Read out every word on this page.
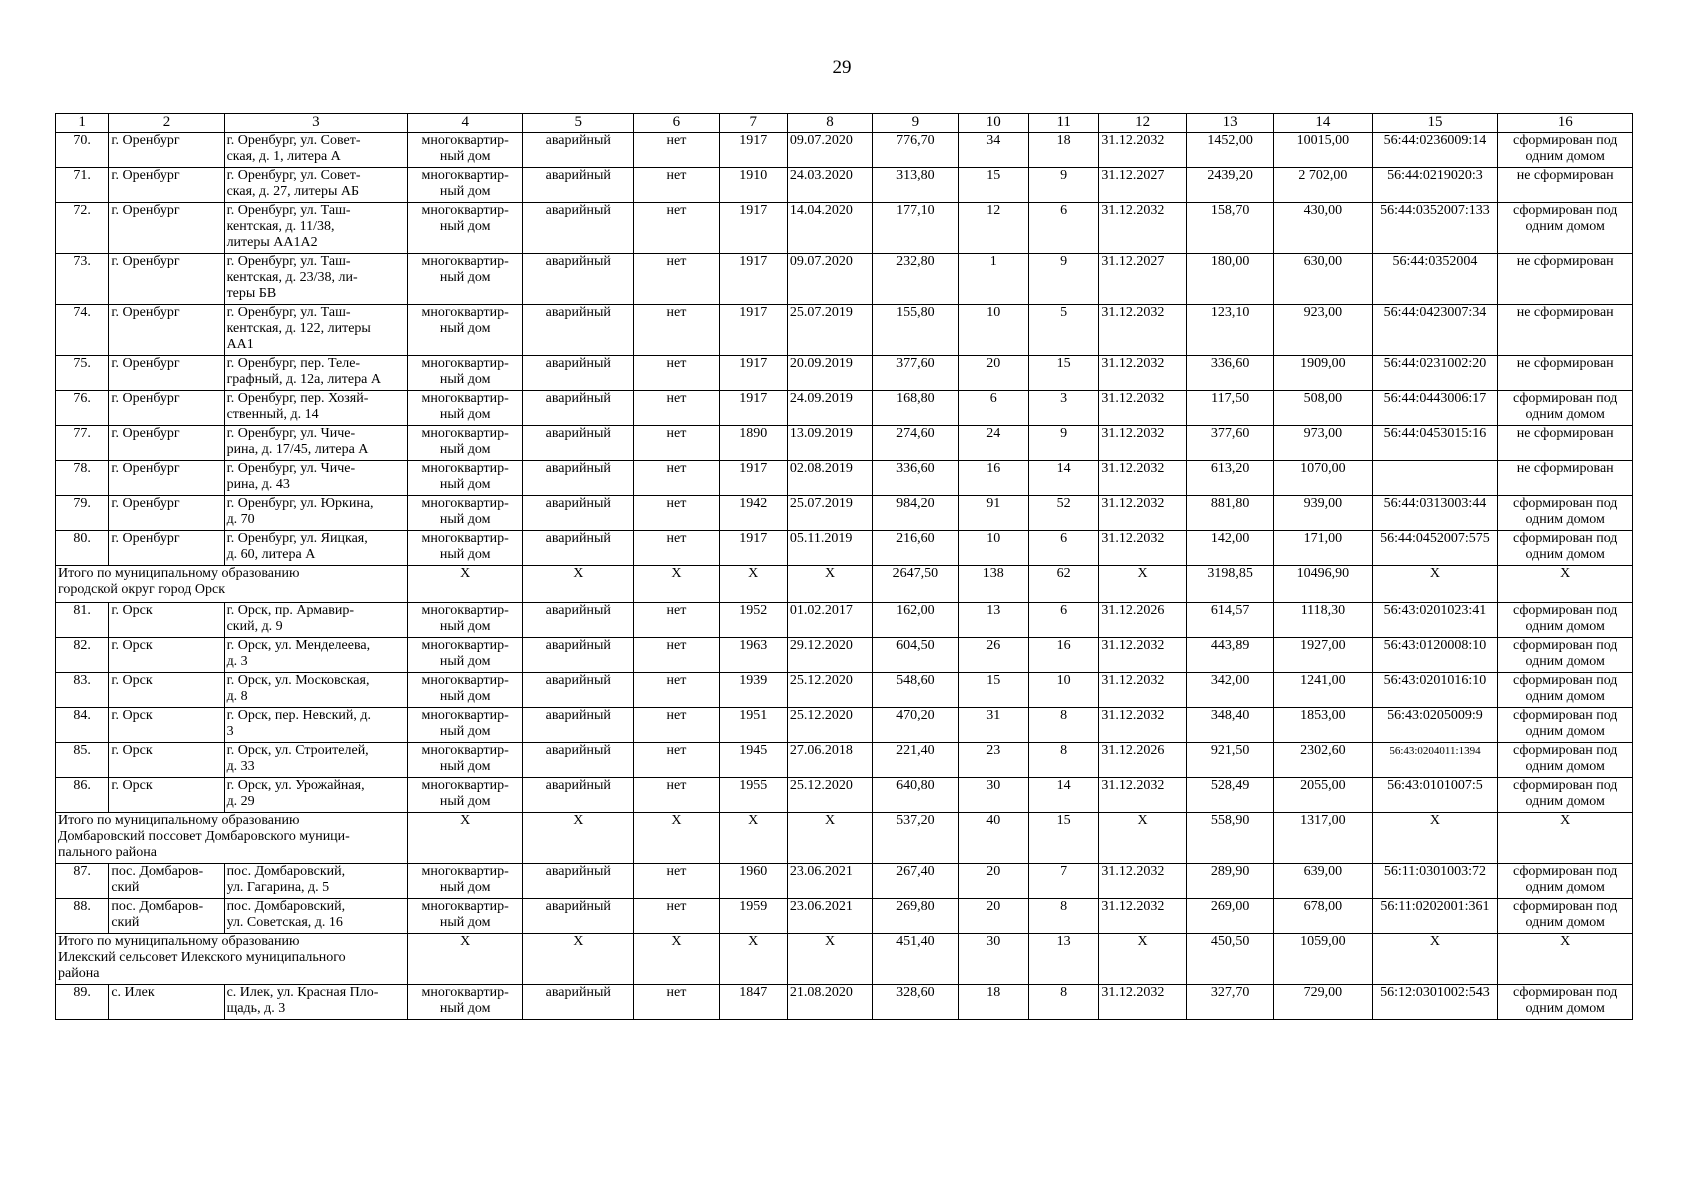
29
1	2	3	4	5	6	7	8	9	10	11	12	13	14	15	16
70.	г. Оренбург	г. Оренбург, ул. Совет-
ская, д. 1, литера А	многоквартир-
ный дом	аварийный	нет	1917	09.07.2020	776,70	34	18	31.12.2032	1452,00	10015,00	56:44:0236009:14	сформирован под
одним домом
71.	г. Оренбург	г. Оренбург, ул. Совет-
ская, д. 27, литеры АБ	многоквартир-
ный дом	аварийный	нет	1910	24.03.2020	313,80	15	9	31.12.2027	2439,20	2 702,00	56:44:0219020:3	не сформирован
72.	г. Оренбург	г. Оренбург, ул. Таш-
кентская, д. 11/38,
литеры АА1А2	многоквартир-
ный дом	аварийный	нет	1917	14.04.2020	177,10	12	6	31.12.2032	158,70	430,00	56:44:0352007:133	сформирован под
одним домом
73.	г. Оренбург	г. Оренбург, ул. Таш-
кентская, д. 23/38, ли-
теры БВ	многоквартир-
ный дом	аварийный	нет	1917	09.07.2020	232,80	1	9	31.12.2027	180,00	630,00	56:44:0352004	не сформирован
74.	г. Оренбург	г. Оренбург, ул. Таш-
кентская, д. 122, литеры
АА1	многоквартир-
ный дом	аварийный	нет	1917	25.07.2019	155,80	10	5	31.12.2032	123,10	923,00	56:44:0423007:34	не сформирован
75.	г. Оренбург	г. Оренбург, пер. Теле-
графный, д. 12а, литера А	многоквартир-
ный дом	аварийный	нет	1917	20.09.2019	377,60	20	15	31.12.2032	336,60	1909,00	56:44:0231002:20	не сформирован
76.	г. Оренбург	г. Оренбург, пер. Хозяй-
ственный, д. 14	многоквартир-
ный дом	аварийный	нет	1917	24.09.2019	168,80	6	3	31.12.2032	117,50	508,00	56:44:0443006:17	сформирован под
одним домом
77.	г. Оренбург	г. Оренбург, ул. Чиче-
рина, д. 17/45, литера А	многоквартир-
ный дом	аварийный	нет	1890	13.09.2019	274,60	24	9	31.12.2032	377,60	973,00	56:44:0453015:16	не сформирован
78.	г. Оренбург	г. Оренбург, ул. Чиче-
рина, д. 43	многоквартир-
ный дом	аварийный	нет	1917	02.08.2019	336,60	16	14	31.12.2032	613,20	1070,00		не сформирован
79.	г. Оренбург	г. Оренбург, ул. Юркина,
д. 70	многоквартир-
ный дом	аварийный	нет	1942	25.07.2019	984,20	91	52	31.12.2032	881,80	939,00	56:44:0313003:44	сформирован под
одним домом
80.	г. Оренбург	г. Оренбург, ул. Яицкая,
д. 60, литера А	многоквартир-
ный дом	аварийный	нет	1917	05.11.2019	216,60	10	6	31.12.2032	142,00	171,00	56:44:0452007:575	сформирован под
одним домом
Итого по муниципальному образованию
городской округ город Орск			X	X	X	X	X	2647,50	138	62	X	3198,85	10496,90	X	X
81.	г. Орск	г. Орск, пр. Армавир-
ский, д. 9	многоквартир-
ный дом	аварийный	нет	1952	01.02.2017	162,00	13	6	31.12.2026	614,57	1118,30	56:43:0201023:41	сформирован под
одним домом
82.	г. Орск	г. Орск, ул. Менделеева,
д. 3	многоквартир-
ный дом	аварийный	нет	1963	29.12.2020	604,50	26	16	31.12.2032	443,89	1927,00	56:43:0120008:10	сформирован под
одним домом
83.	г. Орск	г. Орск, ул. Московская,
д. 8	многоквартир-
ный дом	аварийный	нет	1939	25.12.2020	548,60	15	10	31.12.2032	342,00	1241,00	56:43:0201016:10	сформирован под
одним домом
84.	г. Орск	г. Орск, пер. Невский, д.
3	многоквартир-
ный дом	аварийный	нет	1951	25.12.2020	470,20	31	8	31.12.2032	348,40	1853,00	56:43:0205009:9	сформирован под
одним домом
85.	г. Орск	г. Орск, ул. Строителей,
д. 33	многоквартир-
ный дом	аварийный	нет	1945	27.06.2018	221,40	23	8	31.12.2026	921,50	2302,60	56:43:0204011:1394	сформирован под
одним домом
86.	г. Орск	г. Орск, ул. Урожайная,
д. 29	многоквартир-
ный дом	аварийный	нет	1955	25.12.2020	640,80	30	14	31.12.2032	528,49	2055,00	56:43:0101007:5	сформирован под
одним домом
Итого по муниципальному образованию
Домбаровский поссовет Домбаровского муници-
пального района			X	X	X	X	X	537,20	40	15	X	558,90	1317,00	X	X
87.	пос. Домбаров-
ский	пос. Домбаровский,
ул. Гагарина, д. 5	многоквартир-
ный дом	аварийный	нет	1960	23.06.2021	267,40	20	7	31.12.2032	289,90	639,00	56:11:0301003:72	сформирован под
одним домом
88.	пос. Домбаров-
ский	пос. Домбаровский,
ул. Советская, д. 16	многоквартир-
ный дом	аварийный	нет	1959	23.06.2021	269,80	20	8	31.12.2032	269,00	678,00	56:11:0202001:361	сформирован под
одним домом
Итого по муниципальному образованию
Илекский сельсовет Илекского муниципального
района			X	X	X	X	X	451,40	30	13	X	450,50	1059,00	X	X
89.	с. Илек	с. Илек, ул. Красная Пло-
щадь, д. 3	многоквартир-
ный дом	аварийный	нет	1847	21.08.2020	328,60	18	8	31.12.2032	327,70	729,00	56:12:0301002:543	сформирован под
одним домом
